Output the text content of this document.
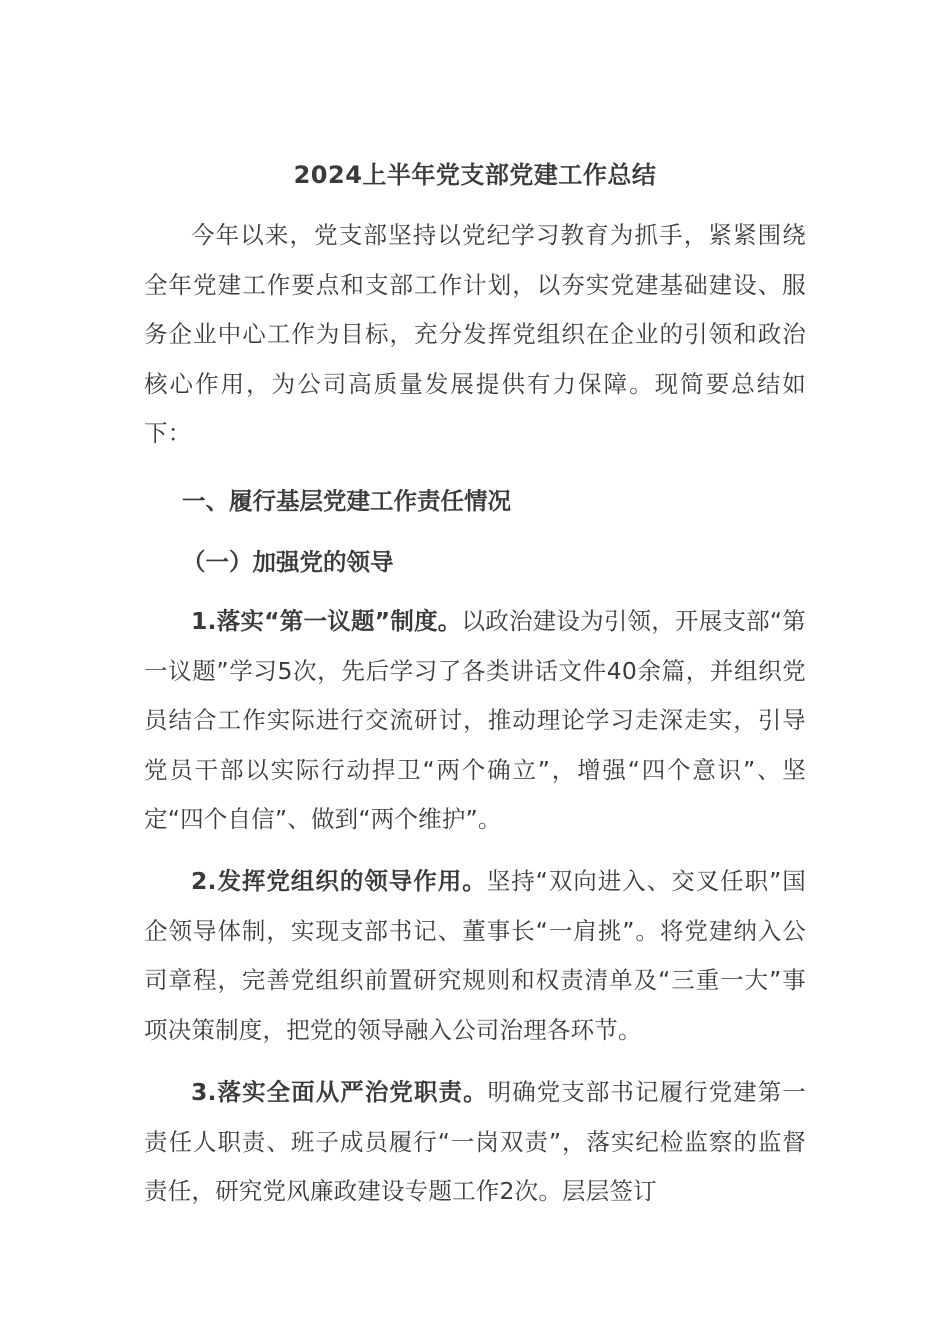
2024上半年党支部党建工作总结

今年以来，党支部坚持以党纪学习教育为抓手，紧紧围绕全年党建工作要点和支部工作计划，以夯实党建基础建设、服务企业中心工作为目标，充分发挥党组织在企业的引领和政治核心作用，为公司高质量发展提供有力保障。现简要总结如下：

一、履行基层党建工作责任情况
（一）加强党的领导

1.落实“第一议题”制度。以政治建设为引领，开展支部“第一议题”学习5次，先后学习了各类讲话文件40余篇，并组织党员结合工作实际进行交流研讨，推动理论学习走深走实，引导党员干部以实际行动捍卫“两个确立”，增强“四个意识”、坚定“四个自信”、做到“两个维护”。

2.发挥党组织的领导作用。坚持“双向进入、交叉任职”国企领导体制，实现支部书记、董事长“一肩挑”。将党建纳入公司章程，完善党组织前置研究规则和权责清单及“三重一大”事项决策制度，把党的领导融入公司治理各环节。

3.落实全面从严治党职责。明确党支部书记履行党建第一责任人职责、班子成员履行“一岗双责”，落实纪检监察的监督责任，研究党风廉政建设专题工作2次。层层签订
